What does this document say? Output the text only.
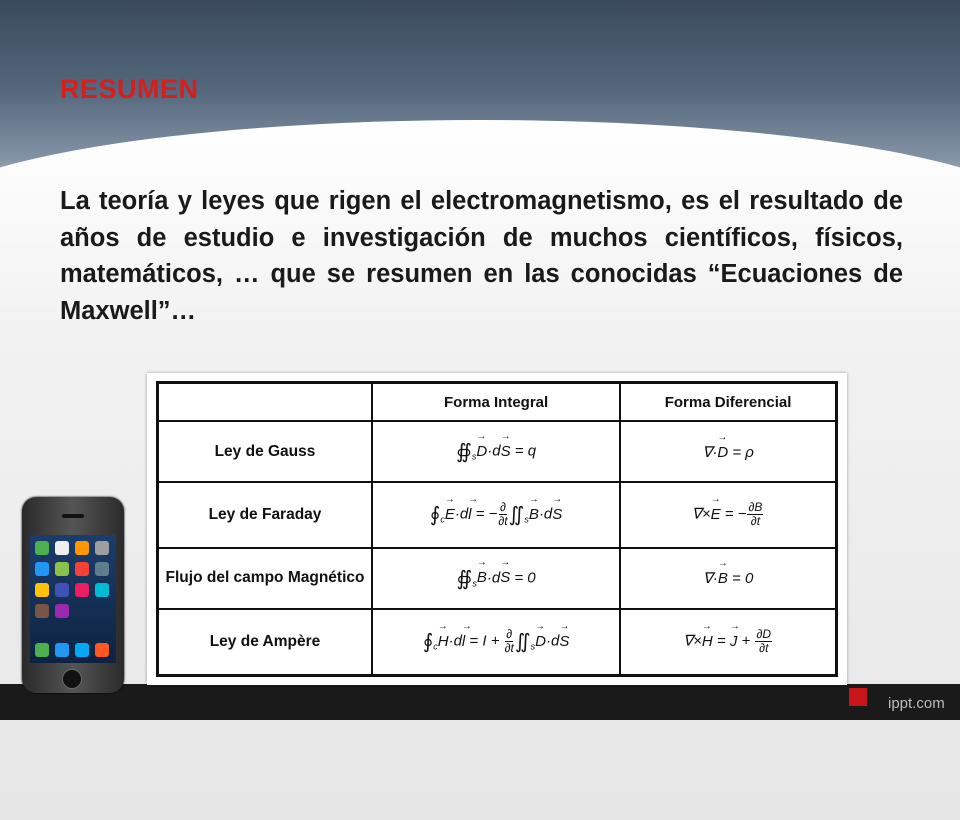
RESUMEN
La teoría y leyes que rigen el electromagnetismo, es el resultado de años de estudio e investigación de muchos científicos, físicos, matemáticos, … que se resumen en las conocidas “Ecuaciones de Maxwell”…
	Forma Integral	Forma Diferencial
Ley de Gauss	$∯_s\to D\cdot d\to S = q$	∇·→ D = ρ
Ley de Faraday	$∮_c\to E\cdot d\to l$ = − $\frac{\partial}{\partial t}$ $∬_s\to B\cdot d\to S$	∇×→ E = − $\frac{\partial B}{\partial t}$

Flujo del campo Magnético	$∯_s\to B\cdot d\to S = 0$	∇·→ B = 0
Ley de Ampère	$∮_c\to H\cdot d\to l = I + \frac{\partial}{\partial t}$ $∬_s\to D\cdot d\to S$	∇×→ H = → $J + \frac{\partial D}{\partial t}$
ippt.com
